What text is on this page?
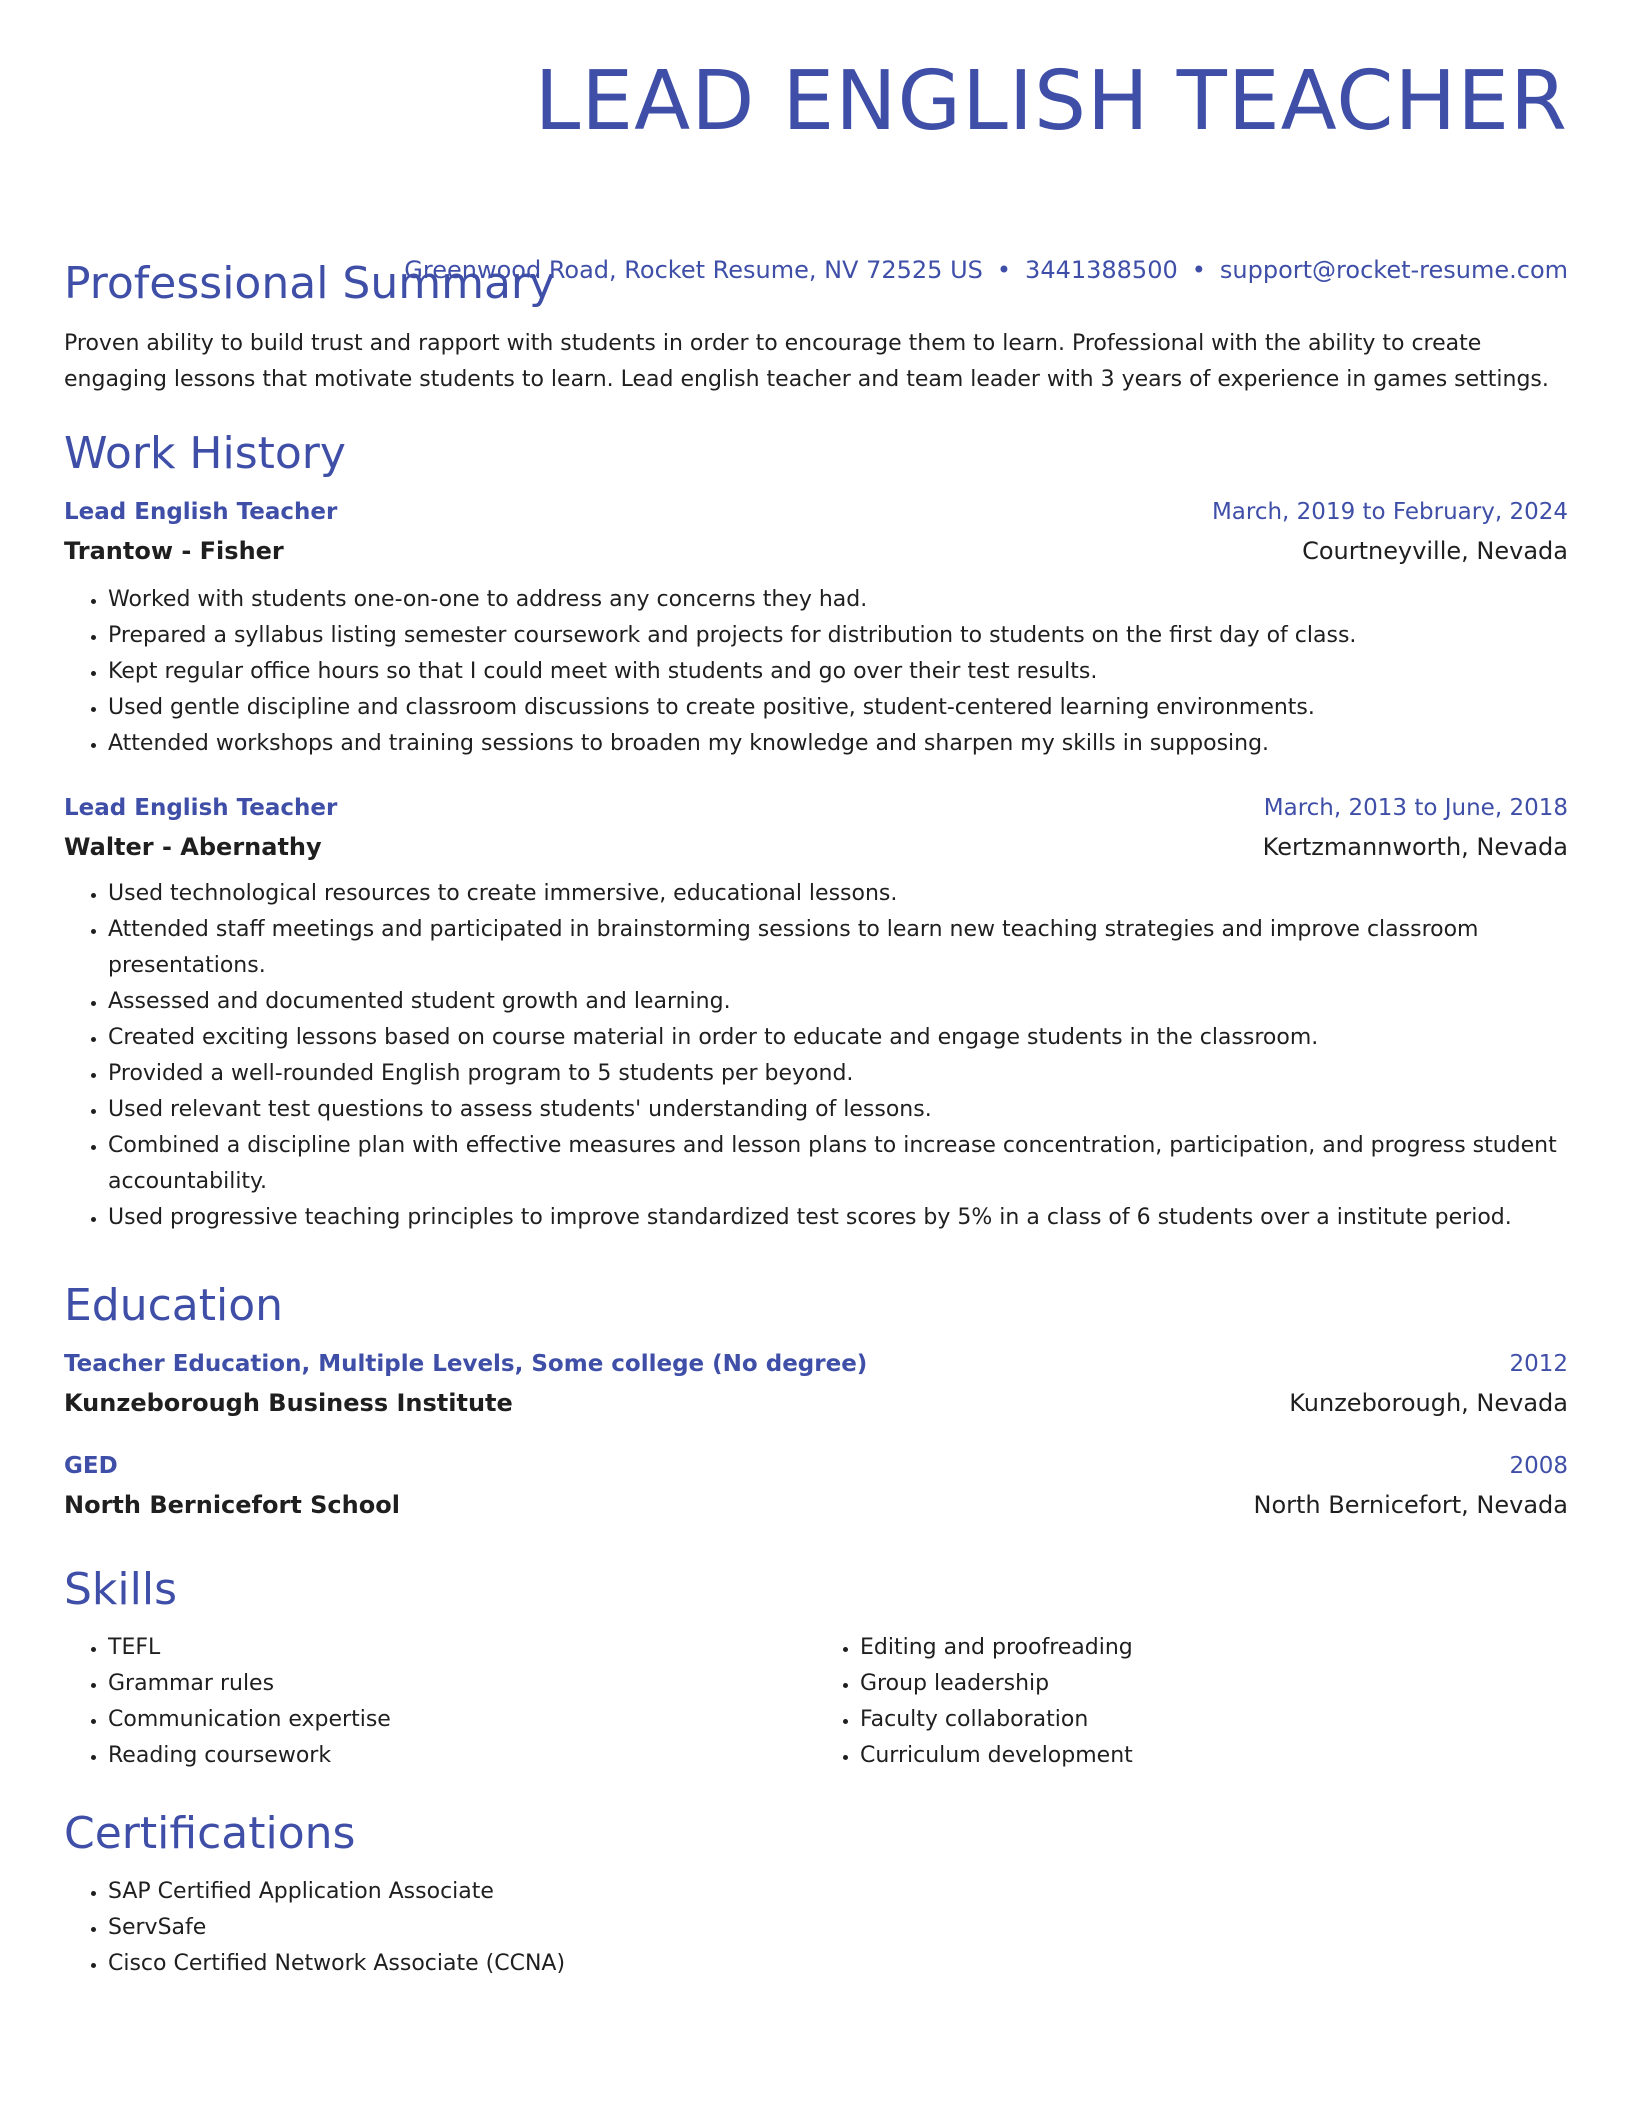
LEAD ENGLISH TEACHER
Greenwood Road, Rocket Resume, NV 72525 US • 3441388500 • support@rocket-resume.com
Professional Summary

Proven ability to build trust and rapport with students in order to encourage them to learn. Professional with the ability to create engaging lessons that motivate students to learn. Lead english teacher and team leader with 3 years of experience in games settings.

Work History
Lead English Teacher	March, 2019 to February, 2024
Trantow - Fisher	Courtneyville, Nevada
• Worked with students one-on-one to address any concerns they had.
• Prepared a syllabus listing semester coursework and projects for distribution to students on the first day of class.
• Kept regular office hours so that I could meet with students and go over their test results.
• Used gentle discipline and classroom discussions to create positive, student-centered learning environments.
• Attended workshops and training sessions to broaden my knowledge and sharpen my skills in supposing.
Lead English Teacher	March, 2013 to June, 2018
Walter - Abernathy	Kertzmannworth, Nevada
• Used technological resources to create immersive, educational lessons.
• Attended staff meetings and participated in brainstorming sessions to learn new teaching strategies and improve classroom presentations.
• Assessed and documented student growth and learning.
• Created exciting lessons based on course material in order to educate and engage students in the classroom.
• Provided a well-rounded English program to 5 students per beyond.
• Used relevant test questions to assess students' understanding of lessons.
• Combined a discipline plan with effective measures and lesson plans to increase concentration, participation, and progress student accountability.
• Used progressive teaching principles to improve standardized test scores by 5% in a class of 6 students over a institute period.
Education
Teacher Education, Multiple Levels, Some college (No degree)	2012
Kunzeborough Business Institute	Kunzeborough, Nevada
GED	2008
North Bernicefort School	North Bernicefort, Nevada
Skills
• TEFL
• Grammar rules
• Communication expertise
• Reading coursework
• Editing and proofreading
• Group leadership
• Faculty collaboration
• Curriculum development
Certifications
• SAP Certified Application Associate
• ServSafe
• Cisco Certified Network Associate (CCNA)
